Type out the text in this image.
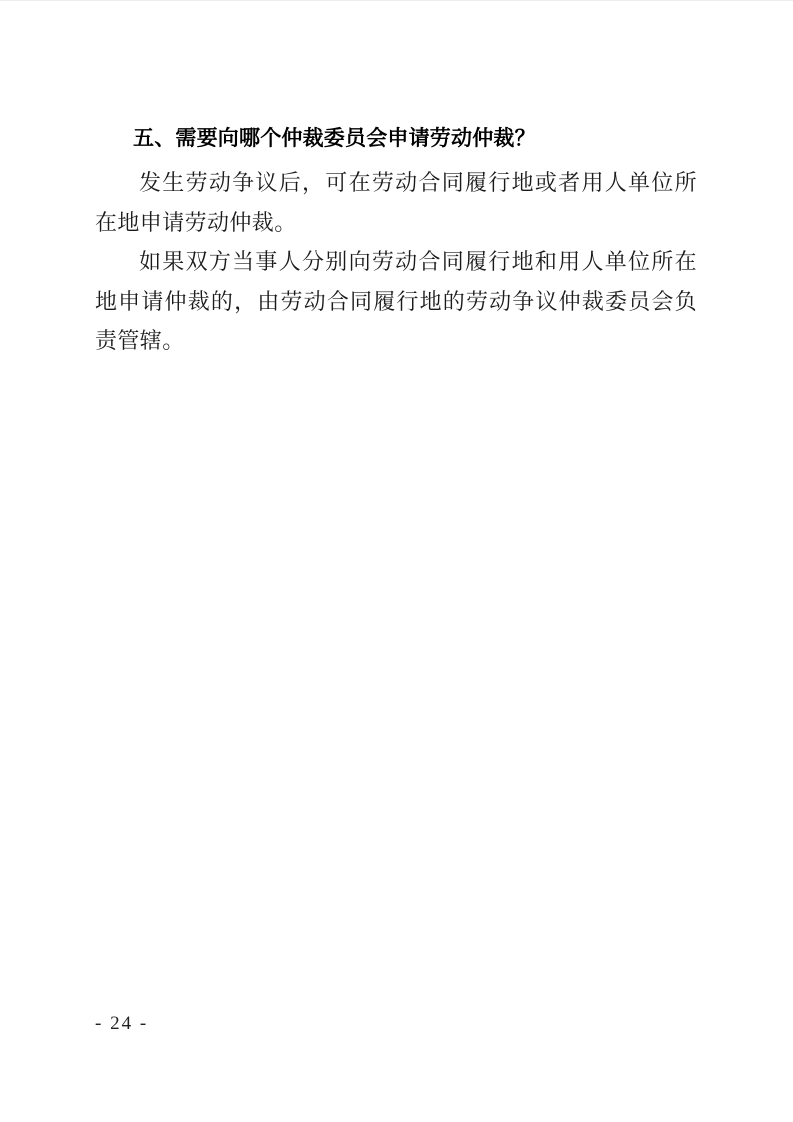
五、需要向哪个仲裁委员会申请劳动仲裁？

发生劳动争议后，可在劳动合同履行地或者用人单位所在地申请劳动仲裁。

如果双方当事人分别向劳动合同履行地和用人单位所在地申请仲裁的，由劳动合同履行地的劳动争议仲裁委员会负责管辖。

- 24 -
